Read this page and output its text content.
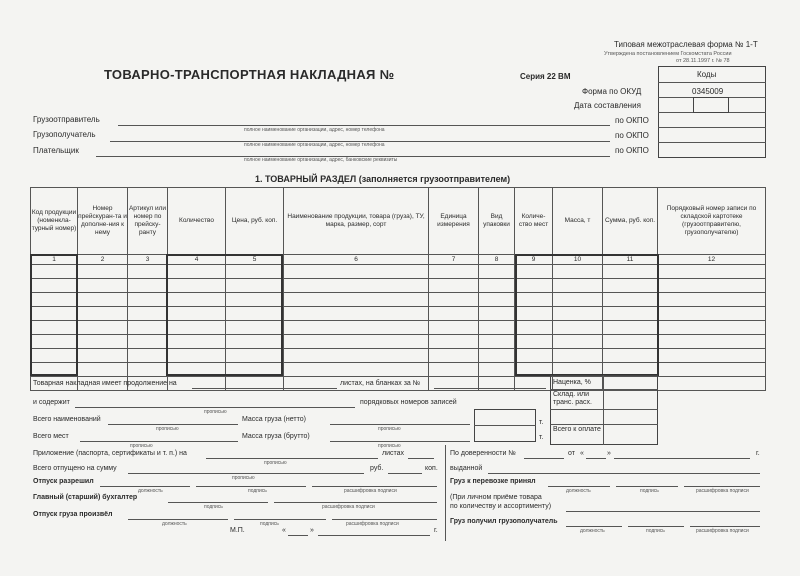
Типовая межотраслевая форма № 1-Т
Утверждена постановлением Госкомстата России
от 28.11.1997 г. № 78
ТОВАРНО-ТРАНСПОРТНАЯ НАКЛАДНАЯ №	Серия 22 ВМ	Коды
Форма по ОКУД	0345009
Дата составления
Грузоотправитель
полное наименование организации, адрес, номер телефона
по ОКПО
Грузополучатель
полное наименование организации, адрес, номер телефона
по ОКПО
Плательщик
полное наименование организации, адрес, банковские реквизиты
по ОКПО
1. ТОВАРНЫЙ РАЗДЕЛ (заполняется грузоотправителем)
Код продукции (номенкла-турный номер)	Номер прейскуран-та и дополне-ния к нему	Артикул или номер по прейску-ранту	Количество	Цена, руб. коп.	Наименование продукции, товара (груза), ТУ, марка, размер, сорт	Единица измерения	Вид упаковки	Количе-ство мест	Масса, т	Сумма, руб. коп.	Порядковый номер записи по складской картотеке (грузоотправителю, грузополучателю)
1	2	3	4	5	6	7	8	9	10	11	12

Наценка, %
Склад. или транс. расх.
Всего к оплате
т.
т.
Товарная накладная имеет продолжение на	листах, на бланках за №
и содержит
прописью
порядковых номеров записей
Всего наименований
прописью
Масса груза (нетто)
прописью
Всего мест
прописью
Масса груза (брутто)
прописью
Приложение (паспорта, сертификаты и т. п.) на
прописью
листах
Всего отпущено на сумму
прописью
руб.	коп.
Отпуск разрешил
должность	подпись	расшифровка подписи
Главный (старший) бухгалтер
подпись	расшифровка подписи
Отпуск груза произвёл
должность	подпись	расшифровка подписи
М.П.	«	»	г.
По доверенности №	от «	»	г.
выданной
Груз к перевозке принял
должность	подпись	расшифровка подписи
(При личном приёме товара
по количеству и ассортименту)
Груз получил грузополучатель
должность	подпись	расшифровка подписи
